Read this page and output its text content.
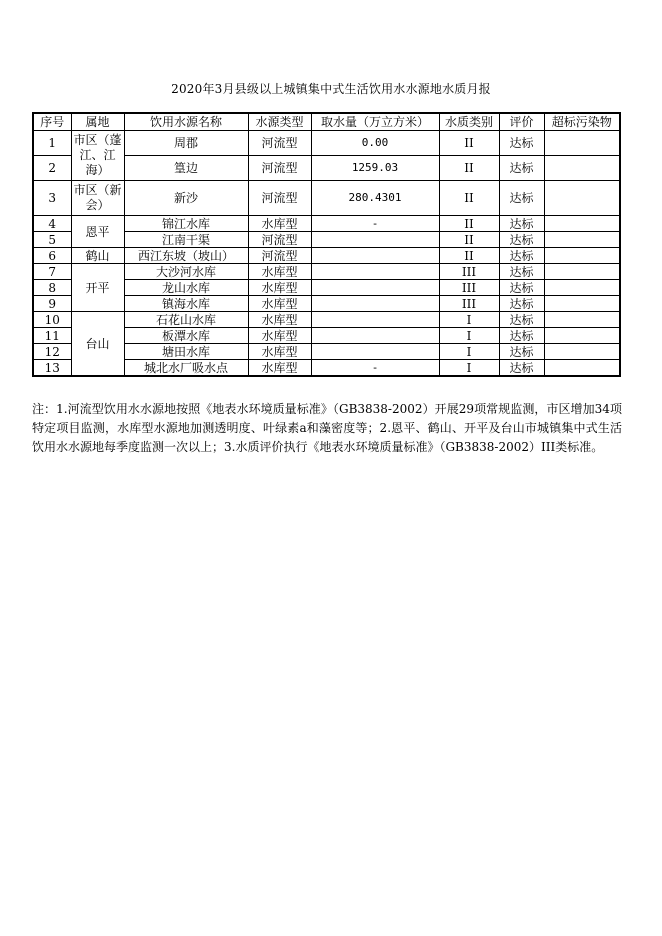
2020年3月县级以上城镇集中式生活饮用水水源地水质月报
序号	属地	饮用水源名称	水源类型	取水量（万立方米）	水质类别	评价	超标污染物
1	市区（蓬江、江海）	周郡	河流型	0.00	II	达标	
2		篁边	河流型	1259.03	II	达标	
3	市区（新会）	新沙	河流型	280.4301	II	达标	
4	恩平	锦江水库	水库型	-	II	达标	
5		江南干渠	河流型		II	达标	
6	鹤山	西江东坡（坡山）	河流型		II	达标	
7	开平	大沙河水库	水库型		III	达标	
8		龙山水库	水库型		III	达标	
9		镇海水库	水库型		III	达标	
10	台山	石花山水库	水库型		I	达标	
11		板潭水库	水库型		I	达标	
12		塘田水库	水库型		I	达标	
13		城北水厂吸水点	水库型	-	I	达标	
注：1.河流型饮用水水源地按照《地表水环境质量标准》（GB3838-2002）开展29项常规监测，市区增加34项特定项目监测，水库型水源地加测透明度、叶绿素a和藻密度等；2.恩平、鹤山、开平及台山市城镇集中式生活饮用水水源地每季度监测一次以上；3.水质评价执行《地表水环境质量标准》（GB3838-2002）III类标准。
